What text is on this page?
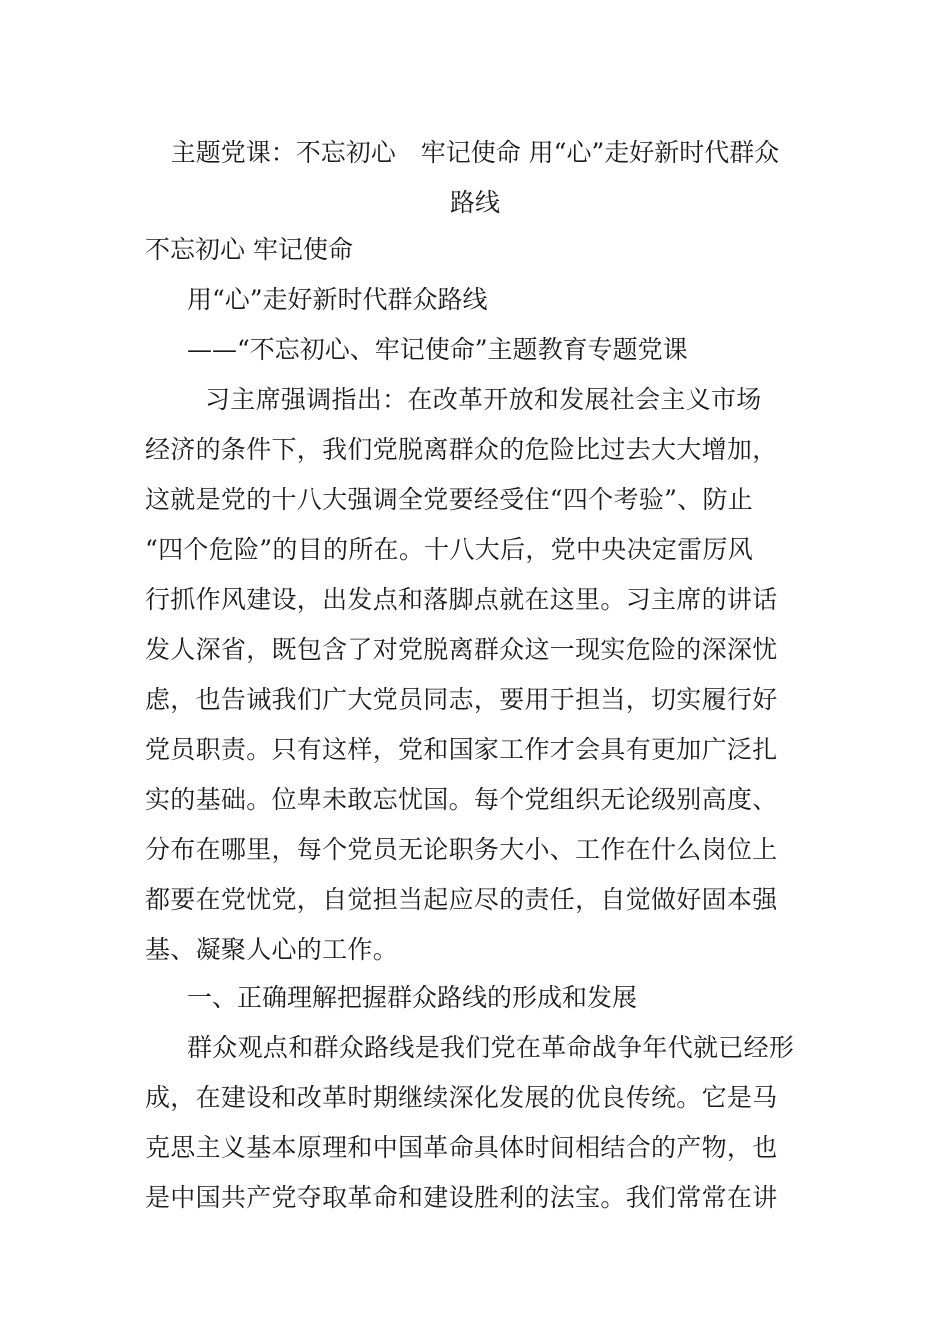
主题党课：不忘初心　牢记使命 用“心”走好新时代群众
路线
不忘初心 牢记使命
用“心”走好新时代群众路线
——“不忘初心、牢记使命”主题教育专题党课
习主席强调指出：在改革开放和发展社会主义市场
经济的条件下，我们党脱离群众的危险比过去大大增加，
这就是党的十八大强调全党要经受住“四个考验”、防止
“四个危险”的目的所在。十八大后，党中央决定雷厉风
行抓作风建设，出发点和落脚点就在这里。习主席的讲话
发人深省，既包含了对党脱离群众这一现实危险的深深忧
虑，也告诫我们广大党员同志，要用于担当，切实履行好
党员职责。只有这样，党和国家工作才会具有更加广泛扎
实的基础。位卑未敢忘忧国。每个党组织无论级别高度、
分布在哪里，每个党员无论职务大小、工作在什么岗位上
都要在党忧党，自觉担当起应尽的责任，自觉做好固本强
基、凝聚人心的工作。
一、正确理解把握群众路线的形成和发展
群众观点和群众路线是我们党在革命战争年代就已经形
成，在建设和改革时期继续深化发展的优良传统。它是马
克思主义基本原理和中国革命具体时间相结合的产物，也
是中国共产党夺取革命和建设胜利的法宝。我们常常在讲
